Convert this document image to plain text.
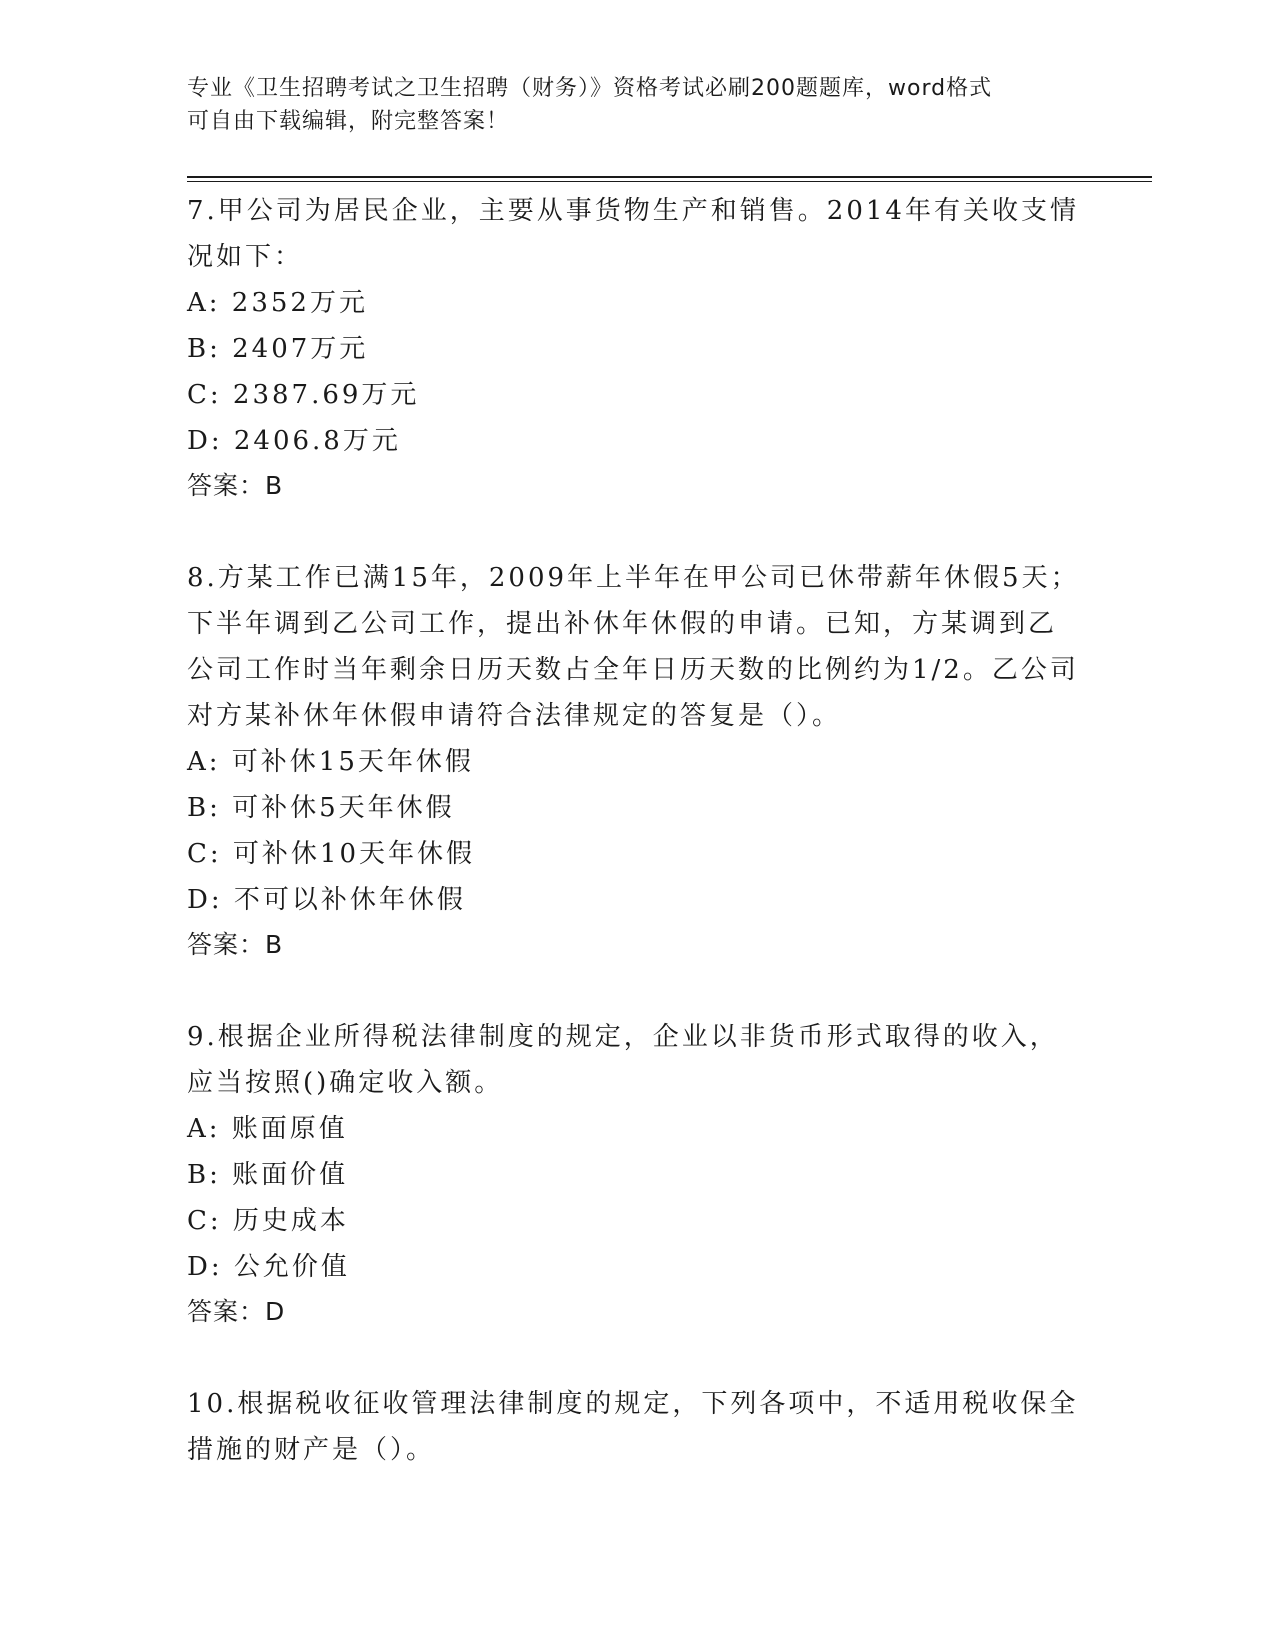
专业《卫生招聘考试之卫生招聘（财务）》资格考试必刷200题题库，word格式
可自由下载编辑，附完整答案！
7.甲公司为居民企业，主要从事货物生产和销售。2014年有关收支情
况如下：
A: 2352万元
B: 2407万元
C: 2387.69万元
D: 2406.8万元
答案：B
8.方某工作已满15年，2009年上半年在甲公司已休带薪年休假5天；
下半年调到乙公司工作，提出补休年休假的申请。已知，方某调到乙
公司工作时当年剩余日历天数占全年日历天数的比例约为1/2。乙公司
对方某补休年休假申请符合法律规定的答复是（）。
A: 可补休15天年休假
B: 可补休5天年休假
C: 可补休10天年休假
D: 不可以补休年休假
答案：B
9.根据企业所得税法律制度的规定，企业以非货币形式取得的收入，
应当按照()确定收入额。
A: 账面原值
B: 账面价值
C: 历史成本
D: 公允价值
答案：D
10.根据税收征收管理法律制度的规定，下列各项中，不适用税收保全
措施的财产是（）。
